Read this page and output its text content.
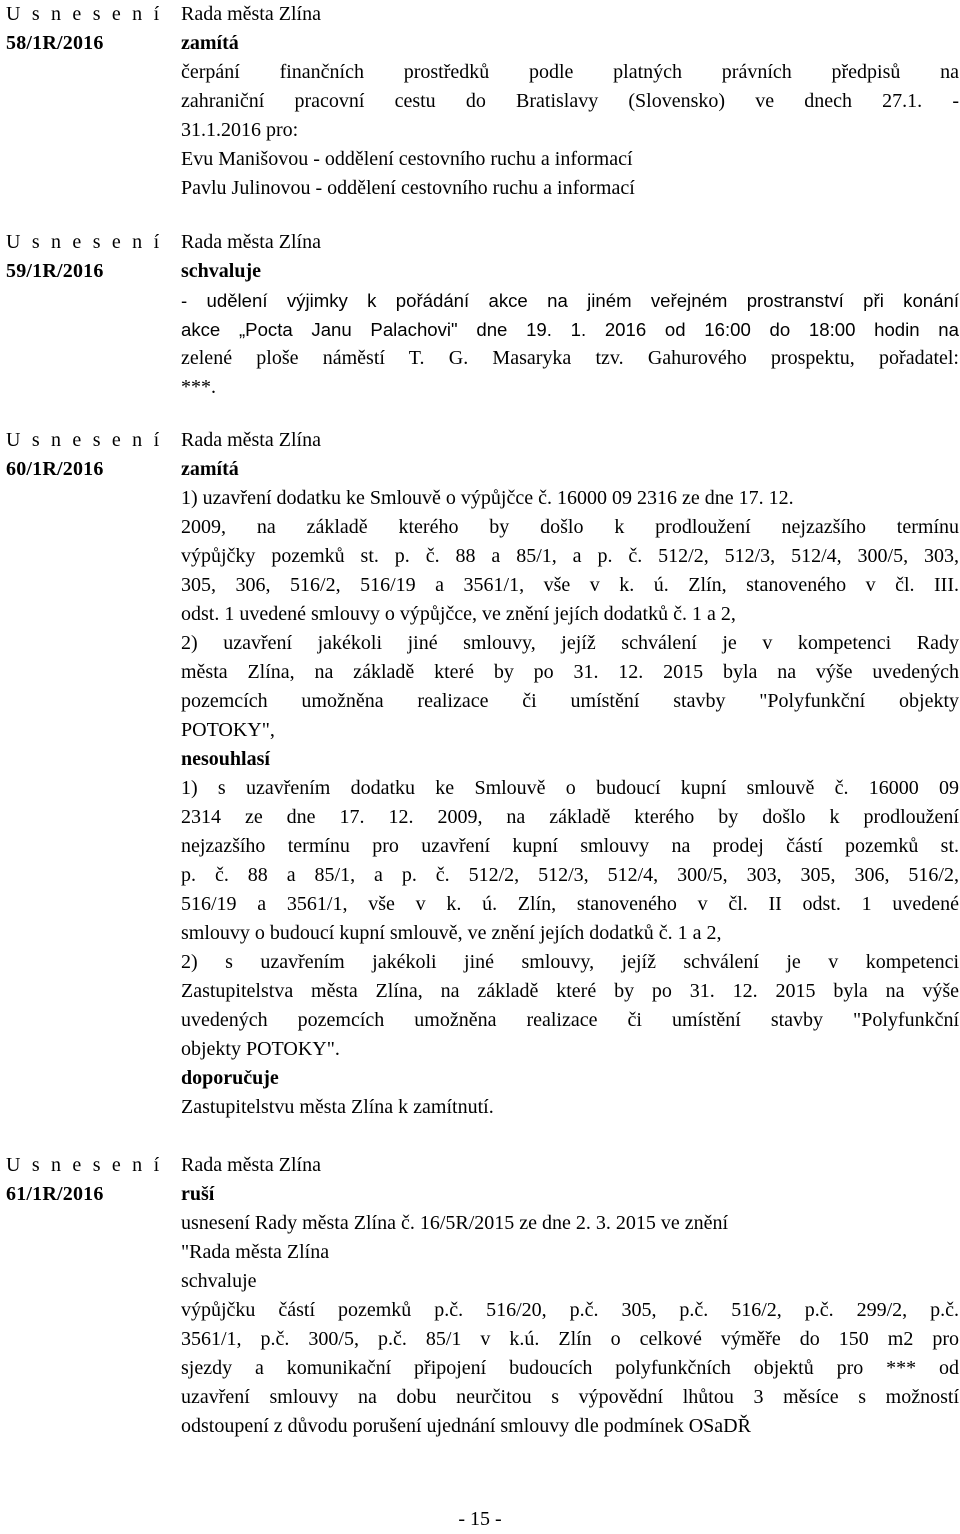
U s n e s e n í
58/1R/2016
Rada města Zlína
zamítá
čerpání finančních prostředků podle platných právních předpisů na
zahraniční pracovní cestu do Bratislavy (Slovensko) ve dnech 27.1. -
31.1.2016 pro:
Evu Manišovou - oddělení cestovního ruchu a informací
Pavlu Julinovou - oddělení cestovního ruchu a informací
U s n e s e n í
59/1R/2016
Rada města Zlína
schvaluje
- udělení výjimky k pořádání akce na jiném veřejném prostranství při konání
akce „Pocta Janu Palachovi" dne 19. 1. 2016 od 16:00 do 18:00 hodin na
zelené ploše náměstí T. G. Masaryka tzv. Gahurového prospektu, pořadatel:
***.
U s n e s e n í
60/1R/2016
Rada města Zlína
zamítá
1) uzavření dodatku ke Smlouvě o výpůjčce č. 16000 09 2316 ze dne 17. 12.
2009, na základě kterého by došlo k prodloužení nejzazšího termínu
výpůjčky pozemků st. p. č. 88 a 85/1, a p. č. 512/2, 512/3, 512/4, 300/5, 303,
305, 306, 516/2, 516/19 a 3561/1, vše v k. ú. Zlín, stanoveného v čl. III.
odst. 1 uvedené smlouvy o výpůjčce, ve znění jejích dodatků č. 1 a 2,
2) uzavření jakékoli jiné smlouvy, jejíž schválení je v kompetenci Rady
města Zlína, na základě které by po 31. 12. 2015 byla na výše uvedených
pozemcích umožněna realizace či umístění stavby "Polyfunkční objekty
POTOKY",
nesouhlasí
1) s uzavřením dodatku ke Smlouvě o budoucí kupní smlouvě č. 16000 09
2314 ze dne 17. 12. 2009, na základě kterého by došlo k prodloužení
nejzazšího termínu pro uzavření kupní smlouvy na prodej částí pozemků st.
p. č. 88 a 85/1, a p. č. 512/2, 512/3, 512/4, 300/5, 303, 305, 306, 516/2,
516/19 a 3561/1, vše v k. ú. Zlín, stanoveného v čl. II odst. 1 uvedené
smlouvy o budoucí kupní smlouvě, ve znění jejích dodatků č. 1 a 2,
2) s uzavřením jakékoli jiné smlouvy, jejíž schválení je v kompetenci
Zastupitelstva města Zlína, na základě které by po 31. 12. 2015 byla na výše
uvedených pozemcích umožněna realizace či umístění stavby "Polyfunkční
objekty POTOKY".
doporučuje
Zastupitelstvu města Zlína k zamítnutí.
U s n e s e n í
61/1R/2016
Rada města Zlína
ruší
usnesení Rady města Zlína č. 16/5R/2015 ze dne 2. 3. 2015 ve znění
"Rada města Zlína
schvaluje
výpůjčku částí pozemků p.č. 516/20, p.č. 305, p.č. 516/2, p.č. 299/2, p.č.
3561/1, p.č. 300/5, p.č. 85/1 v k.ú. Zlín o celkové výměře do 150 m2 pro
sjezdy a komunikační připojení budoucích polyfunkčních objektů pro *** od
uzavření smlouvy na dobu neurčitou s výpovědní lhůtou 3 měsíce s možností
odstoupení z důvodu porušení ujednání smlouvy dle podmínek OSaDŘ
- 15 -
